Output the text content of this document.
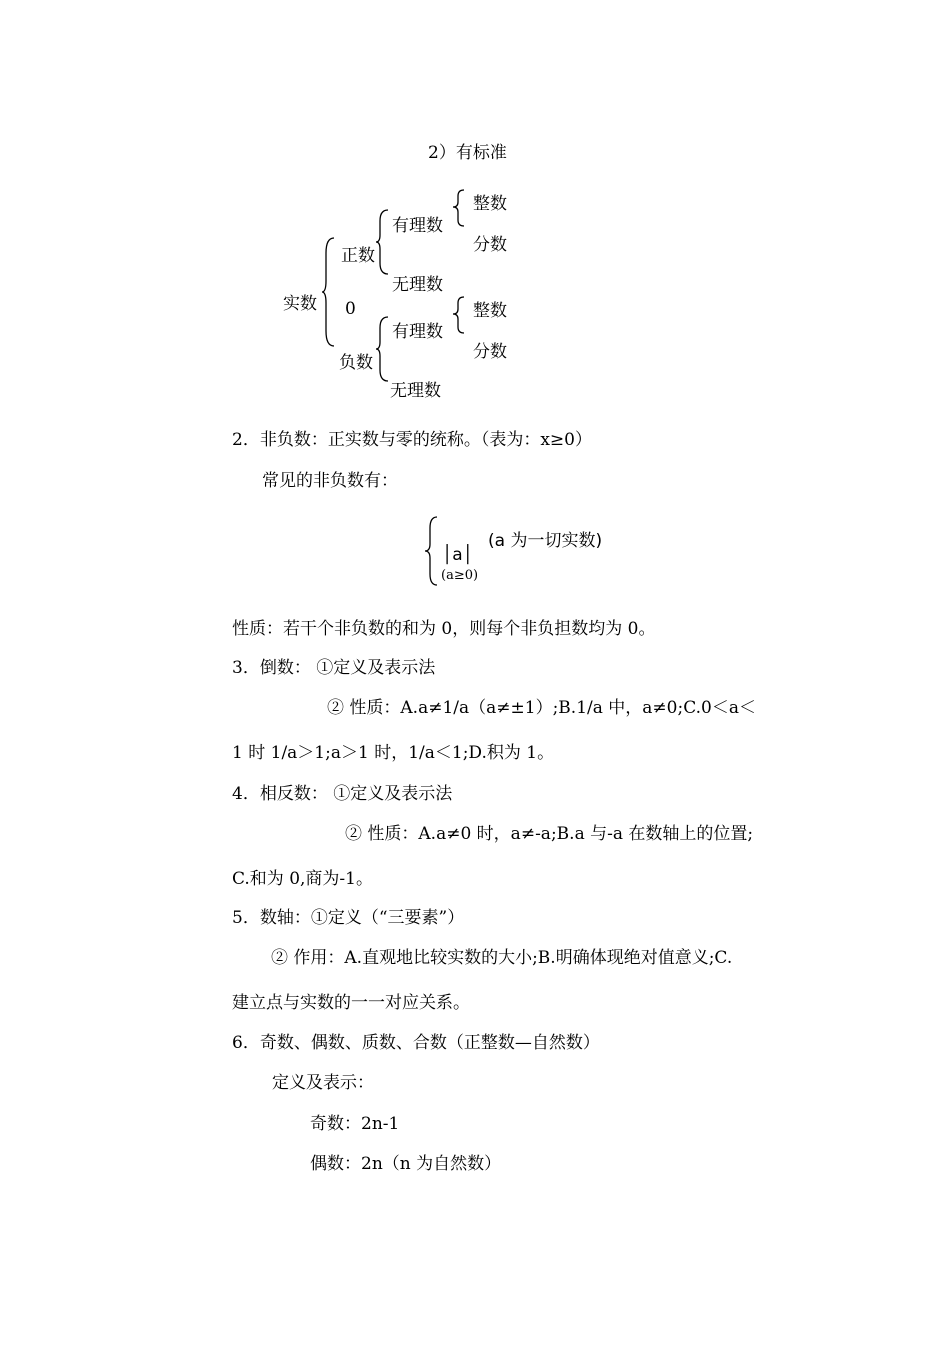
2）有标准
实数
正数
0
负数
有理数
无理数
有理数
无理数
整数
分数
整数
分数
2．非负数：正实数与零的统称。（表为：x≥0）
常见的非负数有：
│a│
(a 为一切实数)
(a≥0)
性质：若干个非负数的和为 0，则每个非负担数均为 0。
3．倒数： ①定义及表示法
② 性质：A.a≠1/a（a≠±1）;B.1/a 中，a≠0;C.0＜a＜
1 时 1/a＞1;a＞1 时，1/a＜1;D.积为 1。
4．相反数： ①定义及表示法
② 性质：A.a≠0 时，a≠-a;B.a 与-a 在数轴上的位置;
C.和为 0,商为-1。
5．数轴：①定义（“三要素”）
② 作用：A.直观地比较实数的大小;B.明确体现绝对值意义;C.
建立点与实数的一一对应关系。
6．奇数、偶数、质数、合数（正整数—自然数）
定义及表示：
奇数：2n-1
偶数：2n（n 为自然数）
